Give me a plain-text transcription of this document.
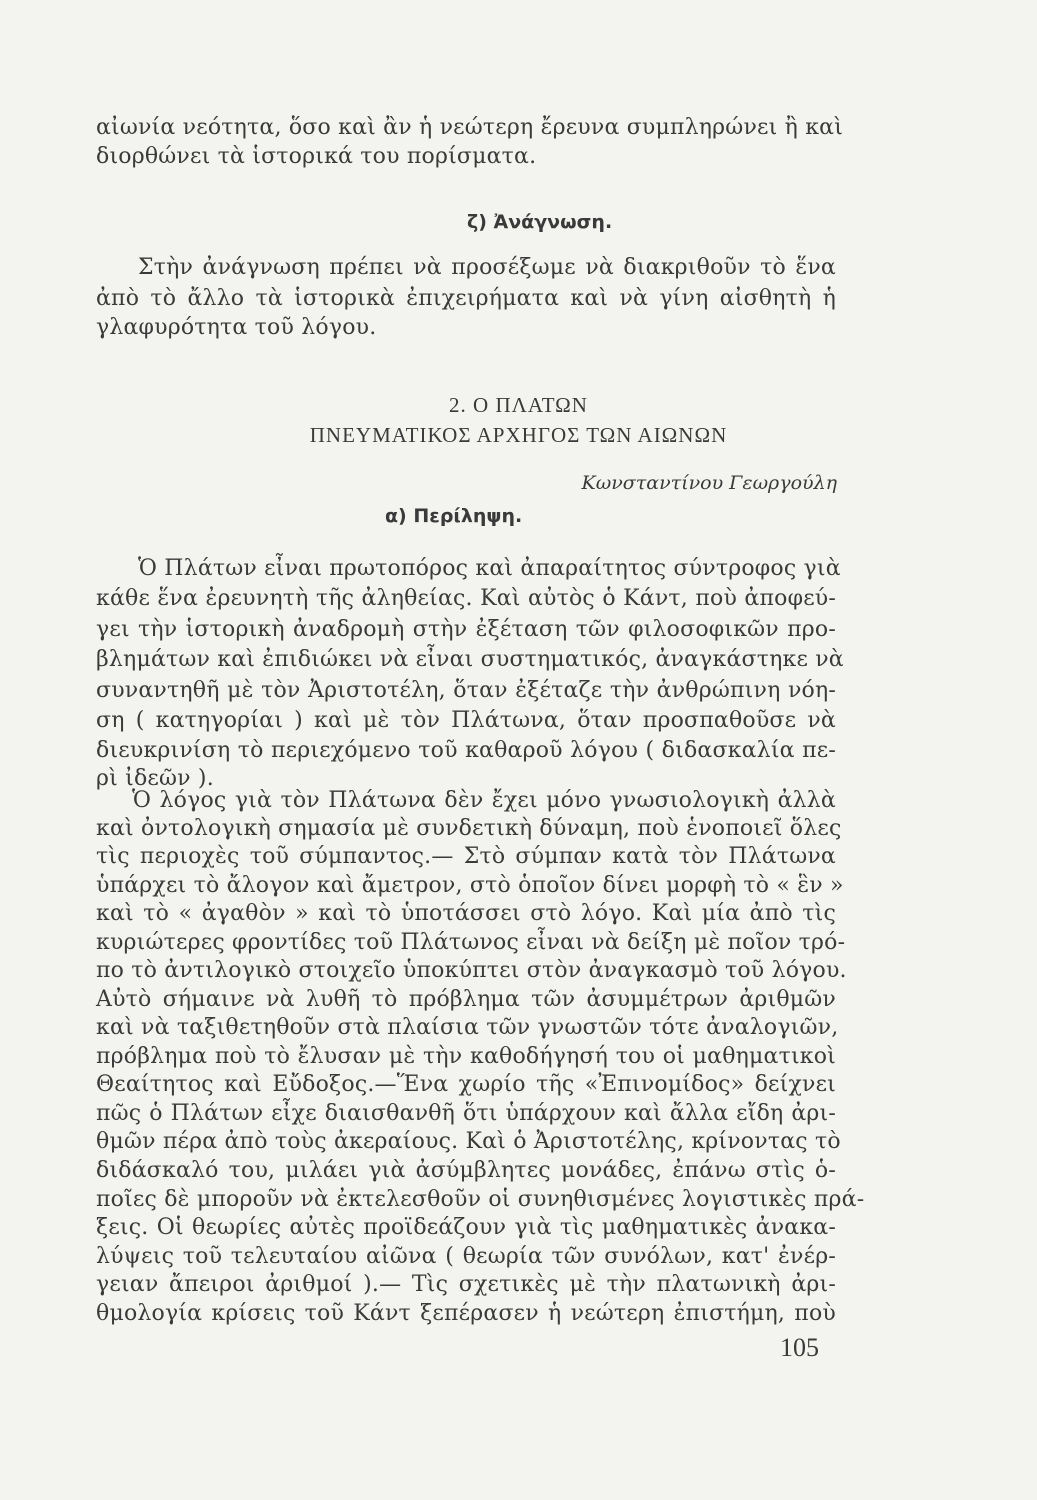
αἰωνία νεότητα, ὅσο καὶ ἂν ἡ νεώτερη ἔρευνα συμπληρώνει ἢ καὶ
διορθώνει τὰ ἱστορικά του πορίσματα.
ζ) Ἀνάγνωση.
Στὴν ἀνάγνωση πρέπει νὰ προσέξωμε νὰ διακριθοῦν τὸ ἕνα
ἀπὸ τὸ ἄλλο τὰ ἱστορικὰ ἐπιχειρήματα καὶ νὰ γίνη αἰσθητὴ ἡ
γλαφυρότητα τοῦ λόγου.
2. Ο ΠΛΑΤΩΝ
ΠΝΕΥΜΑΤΙΚΟΣ ΑΡΧΗΓΟΣ ΤΩΝ ΑΙΩΝΩΝ
Κωνσταντίνου Γεωργούλη
α) Περίληψη.
Ὁ Πλάτων εἶναι πρωτοπόρος καὶ ἀπαραίτητος σύντροφος γιὰ
κάθε ἕνα ἐρευνητὴ τῆς ἀληθείας. Καὶ αὐτὸς ὁ Κάντ, ποὺ ἀποφεύ-
γει τὴν ἱστορικὴ ἀναδρομὴ στὴν ἐξέταση τῶν φιλοσοφικῶν προ-
βλημάτων καὶ ἐπιδιώκει νὰ εἶναι συστηματικός, ἀναγκάστηκε νὰ
συναντηθῆ μὲ τὸν Ἀριστοτέλη, ὅταν ἐξέταζε τὴν ἀνθρώπινη νόη-
ση ( κατηγορίαι ) καὶ μὲ τὸν Πλάτωνα, ὅταν προσπαθοῦσε νὰ
διευκρινίση τὸ περιεχόμενο τοῦ καθαροῦ λόγου ( διδασκαλία πε-
ρὶ ἰδεῶν ).
Ὁ λόγος γιὰ τὸν Πλάτωνα δὲν ἔχει μόνο γνωσιολογικὴ ἀλλὰ
καὶ ὀντολογικὴ σημασία μὲ συνδετικὴ δύναμη, ποὺ ἑνοποιεῖ ὅλες
τὶς περιοχὲς τοῦ σύμπαντος.— Στὸ σύμπαν κατὰ τὸν Πλάτωνα
ὑπάρχει τὸ ἄλογον καὶ ἄμετρον, στὸ ὁποῖον δίνει μορφὴ τὸ « ἓν »
καὶ τὸ « ἀγαθὸν » καὶ τὸ ὑποτάσσει στὸ λόγο. Καὶ μία ἀπὸ τὶς
κυριώτερες φροντίδες τοῦ Πλάτωνος εἶναι νὰ δείξη μὲ ποῖον τρό-
πο τὸ ἀντιλογικὸ στοιχεῖο ὑποκύπτει στὸν ἀναγκασμὸ τοῦ λόγου.
Αὐτὸ σήμαινε νὰ λυθῆ τὸ πρόβλημα τῶν ἀσυμμέτρων ἀριθμῶν
καὶ νὰ ταξιθετηθοῦν στὰ πλαίσια τῶν γνωστῶν τότε ἀναλογιῶν,
πρόβλημα ποὺ τὸ ἔλυσαν μὲ τὴν καθοδήγησή του οἱ μαθηματικοὶ
Θεαίτητος καὶ Εὔδοξος.—Ἕνα χωρίο τῆς «Ἐπινομίδος» δείχνει
πῶς ὁ Πλάτων εἶχε διαισθανθῆ ὅτι ὑπάρχουν καὶ ἄλλα εἴδη ἀρι-
θμῶν πέρα ἀπὸ τοὺς ἀκεραίους. Καὶ ὁ Ἀριστοτέλης, κρίνοντας τὸ
διδάσκαλό του, μιλάει γιὰ ἀσύμβλητες μονάδες, ἐπάνω στὶς ὁ-
ποῖες δὲ μποροῦν νὰ ἐκτελεσθοῦν οἱ συνηθισμένες λογιστικὲς πρά-
ξεις. Οἱ θεωρίες αὐτὲς προϊδεάζουν γιὰ τὶς μαθηματικὲς ἀνακα-
λύψεις τοῦ τελευταίου αἰῶνα ( θεωρία τῶν συνόλων, κατ' ἐνέρ-
γειαν ἄπειροι ἀριθμοί ).— Τὶς σχετικὲς μὲ τὴν πλατωνικὴ ἀρι-
θμολογία κρίσεις τοῦ Κάντ ξεπέρασεν ἡ νεώτερη ἐπιστήμη, ποὺ
105
